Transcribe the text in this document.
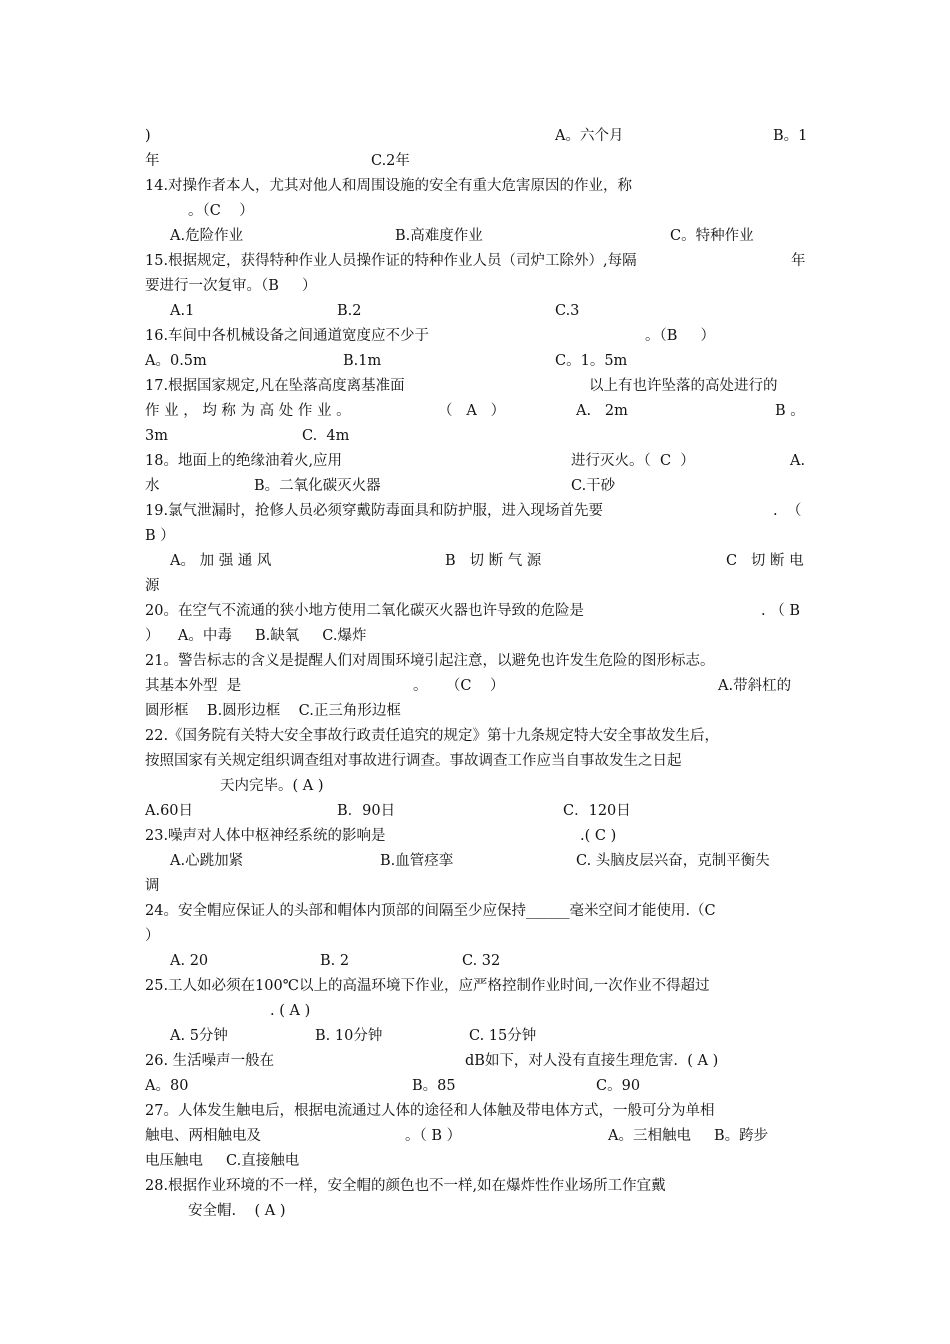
)	A。六个月	B。1
年	C.2年
14.对操作者本人，尤其对他人和周围设施的安全有重大危害原因的作业，称
。（C    ）
A.危险作业	B.高难度作业	C。特种作业
15.根据规定，获得特种作业人员操作证的特种作业人员（司炉工除外）,每隔	年
要进行一次复审。（B     ）
A.1	B.2	C.3
16.车间中各机械设备之间通道宽度应不少于	。（B     ）
A。0.5m	B.1m	C。1。5m
17.根据国家规定,凡在坠落高度离基准面	以上有也许坠落的高处进行的
作 业 ， 均 称 为 高 处 作 业 。	（   A   ）	A.   2m	B 。
3m	C.  4m
18。地面上的绝缘油着火,应用	进行灭火。（  C  ）	A.
水	B。二氧化碳灭火器	C.干砂
19.氯气泄漏时，抢修人员必须穿戴防毒面具和防护服，进入现场首先要	.  （
B ）
A。 加 强 通 风	B   切 断 气 源	C   切 断 电
源
20。在空气不流通的狭小地方使用二氧化碳灭火器也许导致的危险是	. （ B
）    A。中毒     B.缺氧     C.爆炸
21。警告标志的含义是提醒人们对周围环境引起注意，以避免也许发生危险的图形标志。
其基本外型  是	。    （C    ）	A.带斜杠的
圆形框    B.圆形边框    C.正三角形边框
22.《国务院有关特大安全事故行政责任追究的规定》第十九条规定特大安全事故发生后，
按照国家有关规定组织调查组对事故进行调查。事故调查工作应当自事故发生之日起
天内完毕。( A )
A.60日	B．90日	C．120日
23.噪声对人体中枢神经系统的影响是	.( C )
A.心跳加紧	B.血管痉挛	C. 头脑皮层兴奋，克制平衡失
调
24。安全帽应保证人的头部和帽体内顶部的间隔至少应保持______毫米空间才能使用.（C
）
A. 20	B. 2	C. 32
25.工人如必须在100℃以上的高温环境下作业，应严格控制作业时间,一次作业不得超过
. ( A )
A. 5分钟	B. 10分钟	C. 15分钟
26. 生活噪声一般在	dB如下，对人没有直接生理危害.  ( A )
A。80	B。85	C。90
27。人体发生触电后，根据电流通过人体的途径和人体触及带电体方式，一般可分为单相
触电、两相触电及	。（ B ）	A。三相触电     B。跨步
电压触电     C.直接触电
28.根据作业环境的不一样，安全帽的颜色也不一样,如在爆炸性作业场所工作宜戴
安全帽.    ( A )
